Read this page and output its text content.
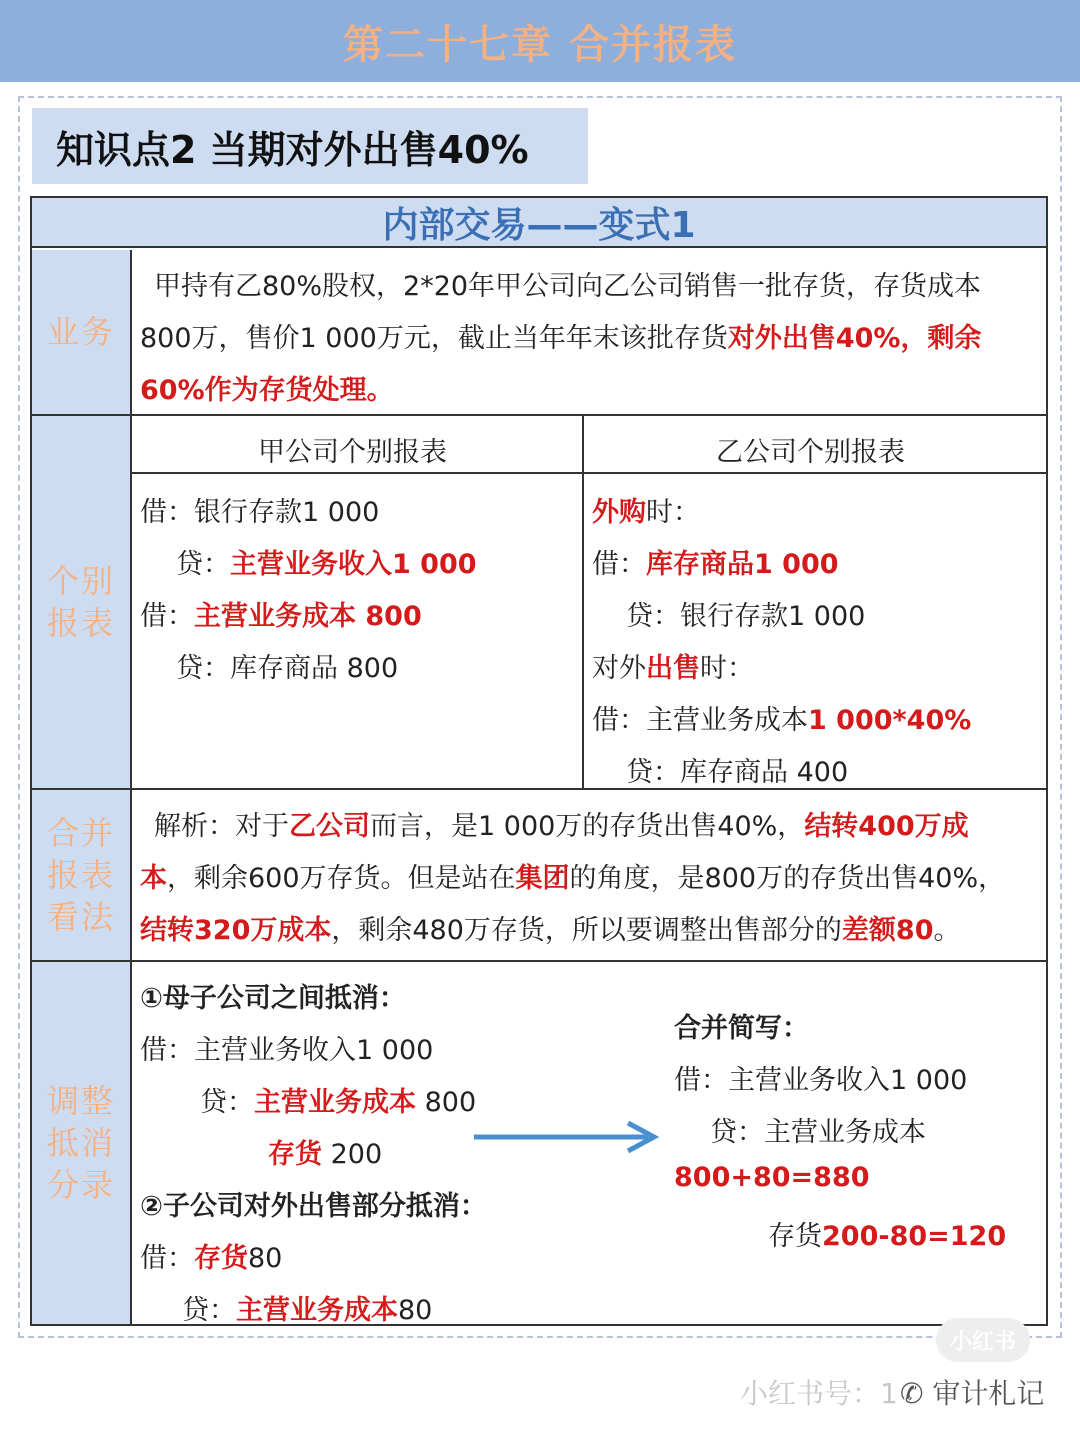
第二十七章 合并报表
知识点2 当期对外出售40%
内部交易——变式1
业务
甲持有乙80%股权，2*20年甲公司向乙公司销售一批存货，存货成本
800万，售价1 000万元，截止当年年末该批存货对外出售40%，剩余
60%作为存货处理。
个别报表
甲公司个别报表	乙公司个别报表
借：银行存款1 000
贷：主营业务收入1 000
借：主营业务成本 800
贷：库存商品 800
外购时：
借：库存商品1 000
贷：银行存款1 000
对外出售时：
借：主营业务成本1 000*40%
贷：库存商品 400
合并报表看法
解析：对于乙公司而言，是1 000万的存货出售40%，结转400万成
本，剩余600万存货。但是站在集团的角度，是800万的存货出售40%，
结转320万成本，剩余480万存货，所以要调整出售部分的差额80。
调整抵消分录
①母子公司之间抵消：
借：主营业务收入1 000
贷：主营业务成本 800
存货 200
②子公司对外出售部分抵消：
借：存货80
贷：主营业务成本80
合并简写：
借：主营业务收入1 000
贷：主营业务成本
800+80=880
存货200-80=120
小红书
小红书号：1 ✆ 审计札记
